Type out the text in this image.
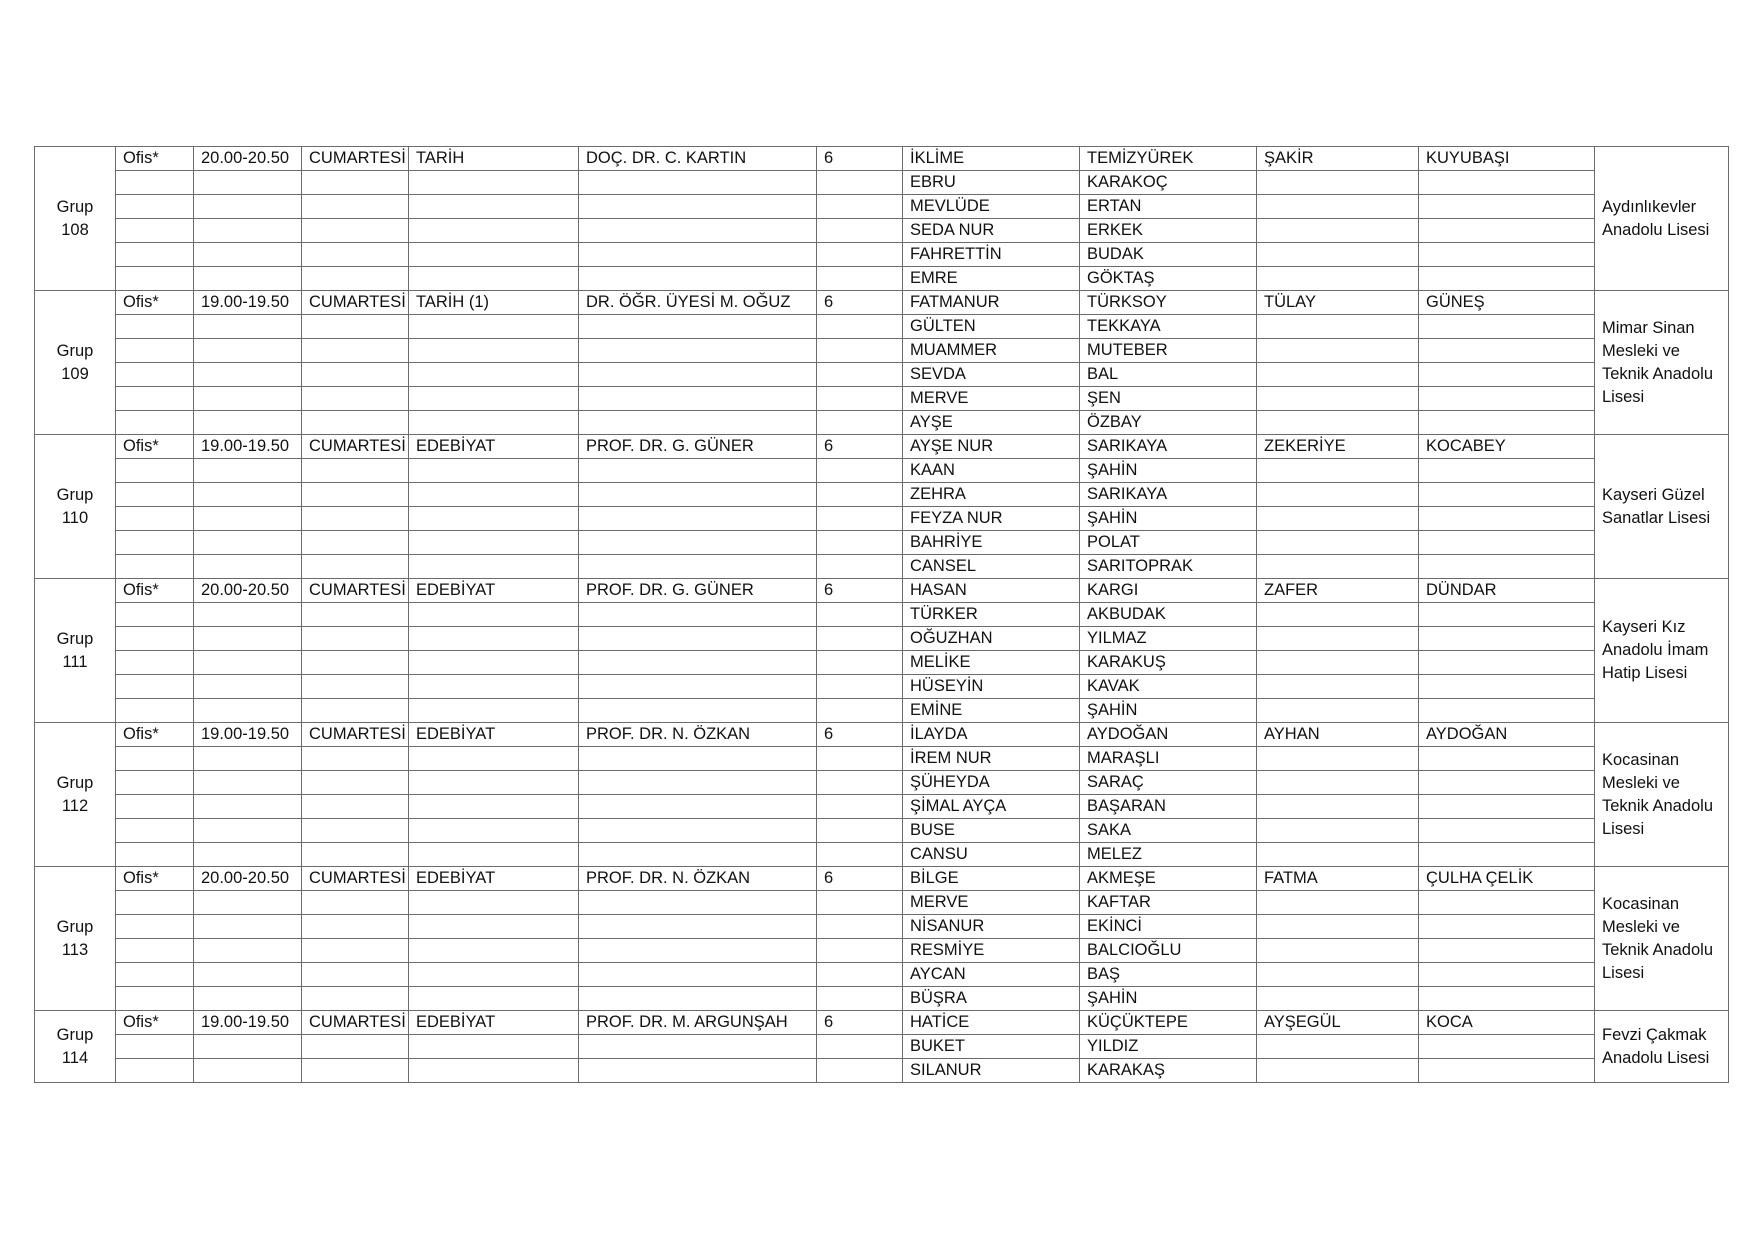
Grup 108	Ofis*	20.00-20.50	CUMARTESİ	TARİH	DOÇ. DR. C. KARTIN	6	İKLİME	TEMİZYÜREK	ŞAKİR	KUYUBAŞI	Aydınlıkevler Anadolu Lisesi

							EBRU	KARAKOÇ			
							MEVLÜDE	ERTAN			
							SEDA NUR	ERKEK			
							FAHRETTİN	BUDAK			
							EMRE	GÖKTAŞ			
Grup 109	Ofis*	19.00-19.50	CUMARTESİ	TARİH (1)	DR. ÖĞR. ÜYESİ M. OĞUZ	6	FATMANUR	TÜRKSOY	TÜLAY	GÜNEŞ	Mimar Sinan Mesleki ve Teknik Anadolu Lisesi

							GÜLTEN	TEKKAYA			
							MUAMMER	MUTEBER			
							SEVDA	BAL			
							MERVE	ŞEN			
							AYŞE	ÖZBAY			
Grup 110	Ofis*	19.00-19.50	CUMARTESİ	EDEBİYAT	PROF. DR. G. GÜNER	6	AYŞE NUR	SARIKAYA	ZEKERİYE	KOCABEY	Kayseri Güzel Sanatlar Lisesi

							KAAN	ŞAHİN			
							ZEHRA	SARIKAYA			
							FEYZA NUR	ŞAHİN			
							BAHRİYE	POLAT			
							CANSEL	SARITOPRAK			
Grup 111	Ofis*	20.00-20.50	CUMARTESİ	EDEBİYAT	PROF. DR. G. GÜNER	6	HASAN	KARGI	ZAFER	DÜNDAR	Kayseri Kız Anadolu İmam Hatip Lisesi

							TÜRKER	AKBUDAK			
							OĞUZHAN	YILMAZ			
							MELİKE	KARAKUŞ			
							HÜSEYİN	KAVAK			
							EMİNE	ŞAHİN			
Grup 112	Ofis*	19.00-19.50	CUMARTESİ	EDEBİYAT	PROF. DR. N. ÖZKAN	6	İLAYDA	AYDOĞAN	AYHAN	AYDOĞAN	Kocasinan Mesleki ve Teknik Anadolu Lisesi

							İREM NUR	MARAŞLI			
							ŞÜHEYDA	SARAÇ			
							ŞİMAL AYÇA	BAŞARAN			
							BUSE	SAKA			
							CANSU	MELEZ			
Grup 113	Ofis*	20.00-20.50	CUMARTESİ	EDEBİYAT	PROF. DR. N. ÖZKAN	6	BİLGE	AKMEŞE	FATMA	ÇULHA ÇELİK	Kocasinan Mesleki ve Teknik Anadolu Lisesi

							MERVE	KAFTAR			
							NİSANUR	EKİNCİ			
							RESMİYE	BALCIOĞLU			
							AYCAN	BAŞ			
							BÜŞRA	ŞAHİN			
Grup 114	Ofis*	19.00-19.50	CUMARTESİ	EDEBİYAT	PROF. DR. M. ARGUNŞAH	6	HATİCE	KÜÇÜKTEPE	AYŞEGÜL	KOCA	Fevzi Çakmak Anadolu Lisesi

							BUKET	YILDIZ			
							SILANUR	KARAKAŞ			
